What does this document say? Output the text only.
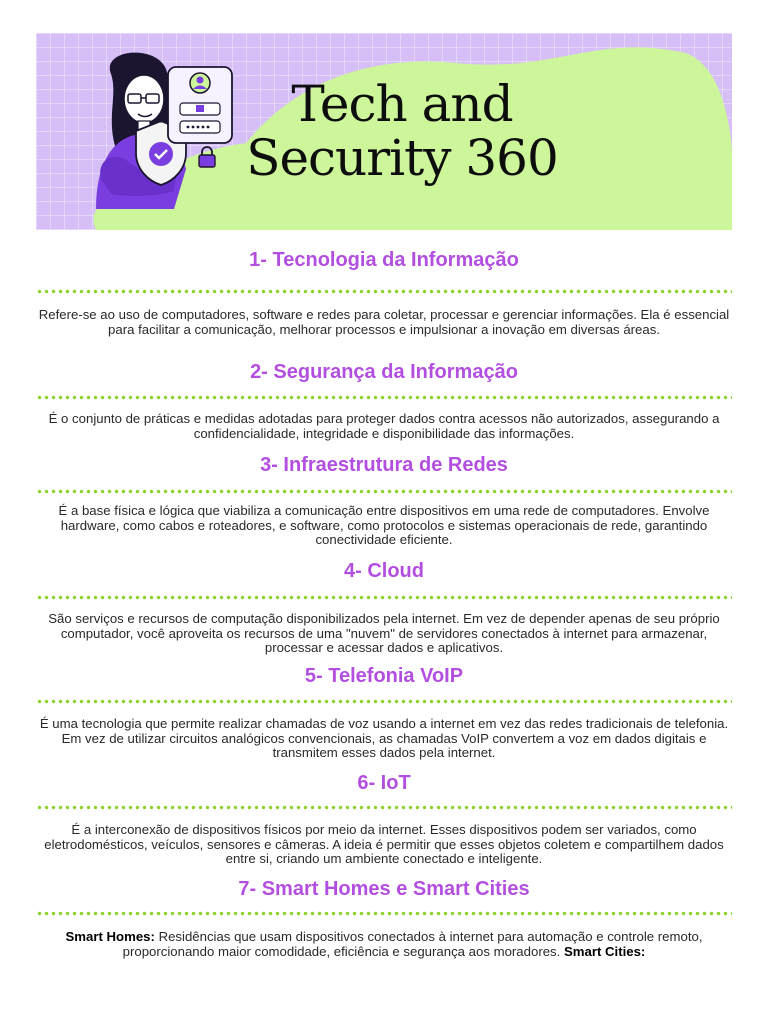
Tech and
Security 360
1- Tecnologia da Informação
Refere-se ao uso de computadores, software e redes para coletar, processar e gerenciar informações. Ela é essencial para facilitar a comunicação, melhorar processos e impulsionar a inovação em diversas áreas.
2- Segurança da Informação
É o conjunto de práticas e medidas adotadas para proteger dados contra acessos não autorizados, assegurando a confidencialidade, integridade e disponibilidade das informações.
3- Infraestrutura de Redes
É a base física e lógica que viabiliza a comunicação entre dispositivos em uma rede de computadores. Envolve hardware, como cabos e roteadores, e software, como protocolos e sistemas operacionais de rede, garantindo conectividade eficiente.
4- Cloud
São serviços e recursos de computação disponibilizados pela internet. Em vez de depender apenas de seu próprio computador, você aproveita os recursos de uma "nuvem" de servidores conectados à internet para armazenar, processar e acessar dados e aplicativos.
5- Telefonia VoIP
É uma tecnologia que permite realizar chamadas de voz usando a internet em vez das redes tradicionais de telefonia. Em vez de utilizar circuitos analógicos convencionais, as chamadas VoIP convertem a voz em dados digitais e transmitem esses dados pela internet.
6- IoT
É a interconexão de dispositivos físicos por meio da internet. Esses dispositivos podem ser variados, como eletrodomésticos, veículos, sensores e câmeras. A ideia é permitir que esses objetos coletem e compartilhem dados entre si, criando um ambiente conectado e inteligente.
7- Smart Homes e Smart Cities
Smart Homes: Residências que usam dispositivos conectados à internet para automação e controle remoto, proporcionando maior comodidade, eficiência e segurança aos moradores. Smart Cities:
